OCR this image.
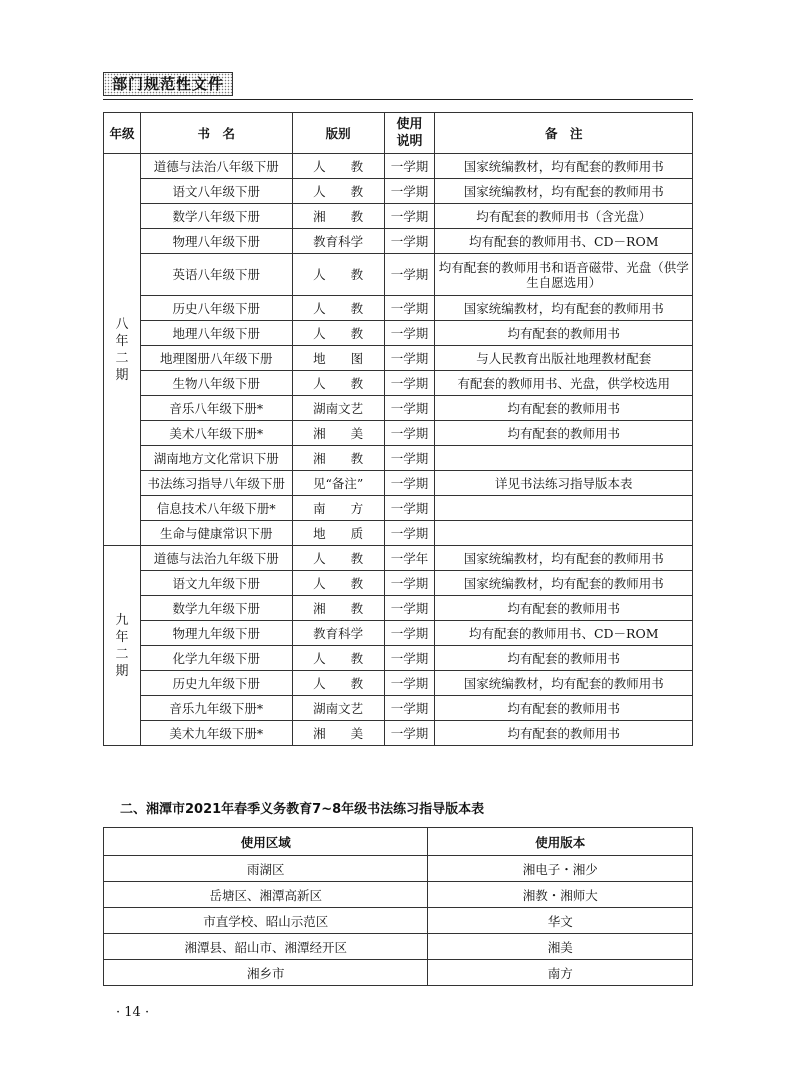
部门规范性文件
年级	书　名	版别	使用说明	备　注
八年二期	道德与法治八年级下册	人　　教	一学期	国家统编教材，均有配套的教师用书
	语文八年级下册	人　　教	一学期	国家统编教材，均有配套的教师用书
	数学八年级下册	湘　　教	一学期	均有配套的教师用书（含光盘）
	物理八年级下册	教育科学	一学期	均有配套的教师用书、CD－ROM
	英语八年级下册	人　　教	一学期	均有配套的教师用书和语音磁带、光盘（供学生自愿选用）
	历史八年级下册	人　　教	一学期	国家统编教材，均有配套的教师用书
	地理八年级下册	人　　教	一学期	均有配套的教师用书
	地理图册八年级下册	地　　图	一学期	与人民教育出版社地理教材配套
	生物八年级下册	人　　教	一学期	有配套的教师用书、光盘，供学校选用
	音乐八年级下册*	湖南文艺	一学期	均有配套的教师用书
	美术八年级下册*	湘　　美	一学期	均有配套的教师用书
	湖南地方文化常识下册	湘　　教	一学期	
	书法练习指导八年级下册	见“备注”	一学期	详见书法练习指导版本表
	信息技术八年级下册*	南　　方	一学期	
	生命与健康常识下册	地　　质	一学期	
九年二期	道德与法治九年级下册	人　　教	一学年	国家统编教材，均有配套的教师用书
	语文九年级下册	人　　教	一学期	国家统编教材，均有配套的教师用书
	数学九年级下册	湘　　教	一学期	均有配套的教师用书
	物理九年级下册	教育科学	一学期	均有配套的教师用书、CD－ROM
	化学九年级下册	人　　教	一学期	均有配套的教师用书
	历史九年级下册	人　　教	一学期	国家统编教材，均有配套的教师用书
	音乐九年级下册*	湖南文艺	一学期	均有配套的教师用书
	美术九年级下册*	湘　　美	一学期	均有配套的教师用书
二、湘潭市2021年春季义务教育7~8年级书法练习指导版本表
使用区域	使用版本
雨湖区	湘电子・湘少
岳塘区、湘潭高新区	湘教・湘师大
市直学校、昭山示范区	华文
湘潭县、韶山市、湘潭经开区	湘美
湘乡市	南方
· 14 ·
